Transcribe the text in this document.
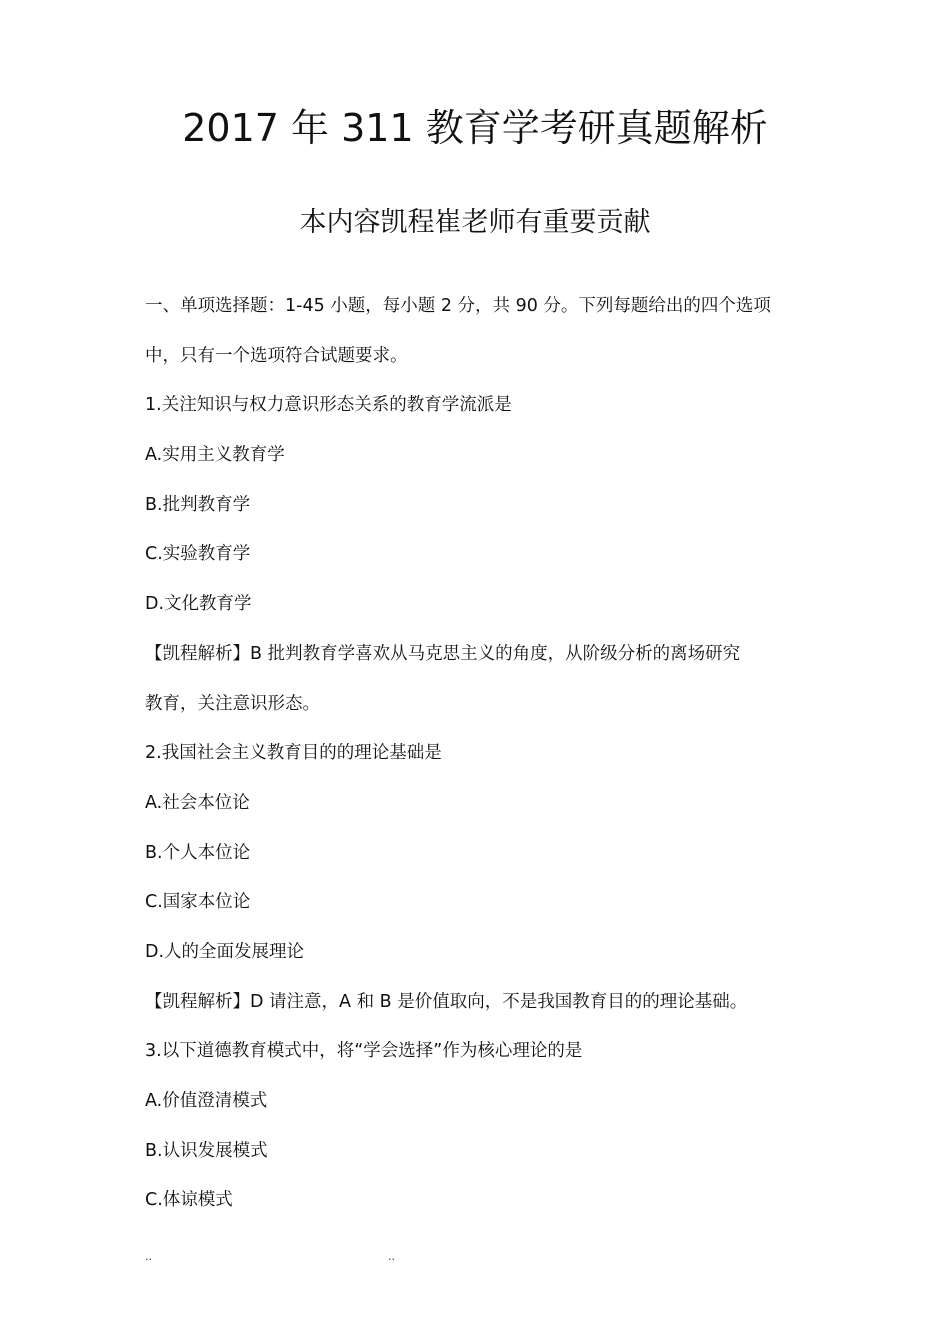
2017 年 311 教育学考研真题解析
本内容凯程崔老师有重要贡献
一、单项选择题：1-45 小题，每小题 2 分，共 90 分。下列每题给出的四个选项
中，只有一个选项符合试题要求。
1.关注知识与权力意识形态关系的教育学流派是
A.实用主义教育学
B.批判教育学
C.实验教育学
D.文化教育学
【凯程解析】B 批判教育学喜欢从马克思主义的角度，从阶级分析的离场研究
教育，关注意识形态。
2.我国社会主义教育目的的理论基础是
A.社会本位论
B.个人本位论
C.国家本位论
D.人的全面发展理论
【凯程解析】D 请注意，A 和 B 是价值取向，不是我国教育目的的理论基础。
3.以下道德教育模式中，将“学会选择”作为核心理论的是
A.价值澄清模式
B.认识发展模式
C.体谅模式
..	..
